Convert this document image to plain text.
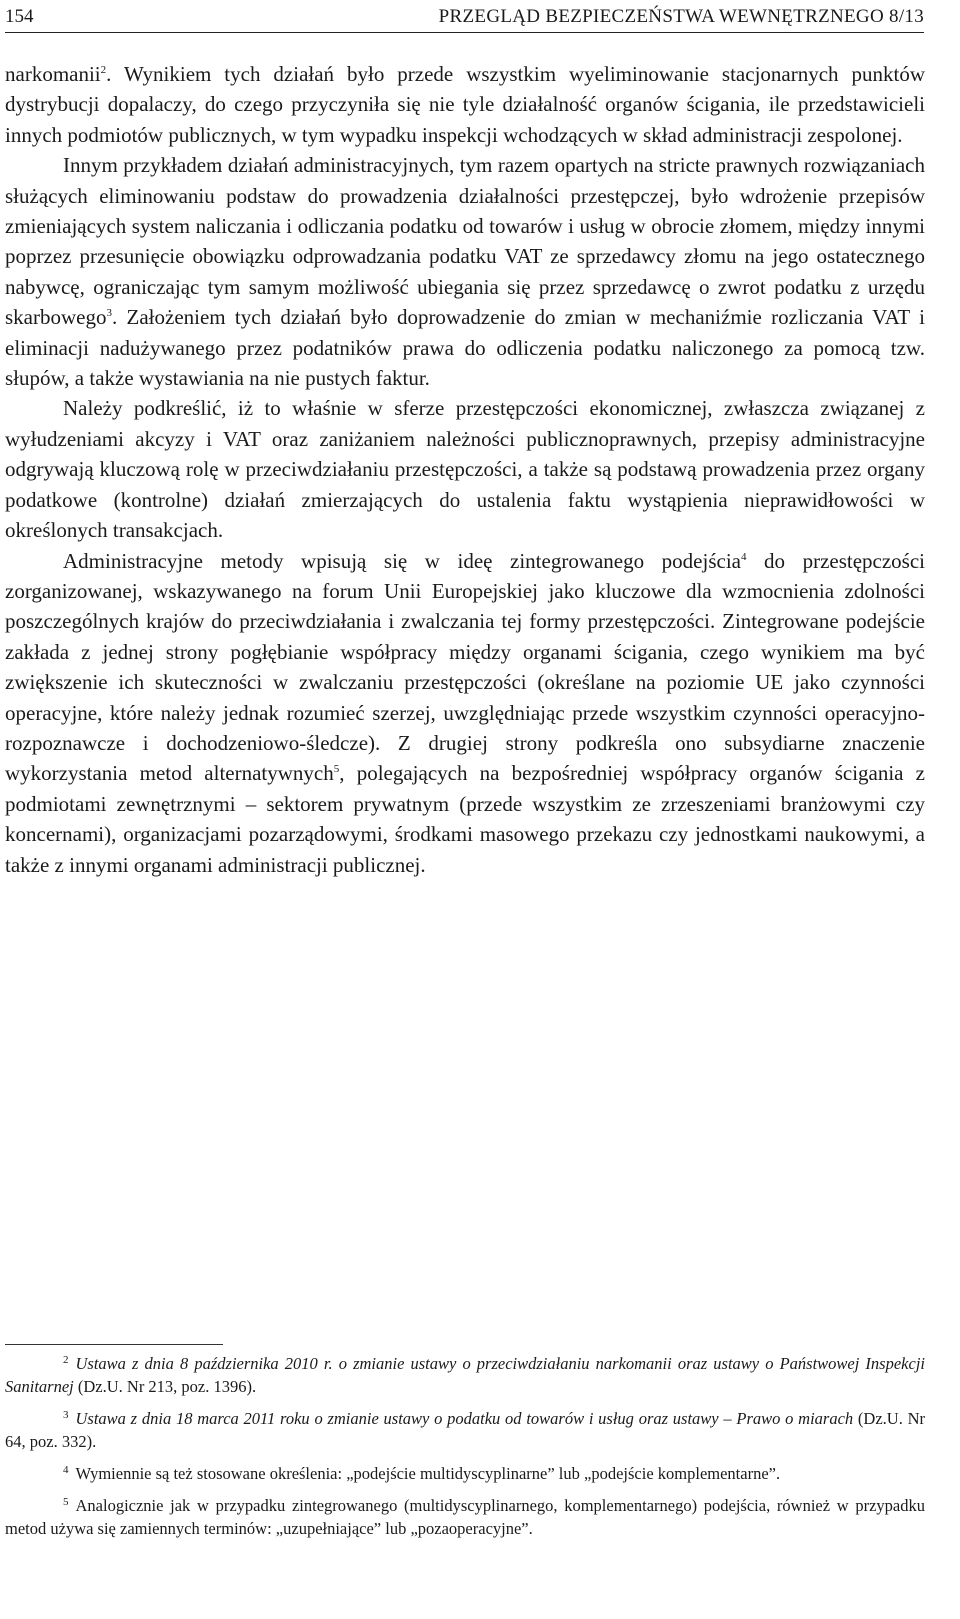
154	PRZEGLĄD BEZPIECZEŃSTWA WEWNĘTRZNEGO 8/13

narkomanii$^2$. Wynikiem tych działań było przede wszystkim wyeliminowanie stacjonarnych punktów dystrybucji dopalaczy, do czego przyczyniła się nie tyle działalność organów ścigania, ile przedstawicieli innych podmiotów publicznych, w tym wypadku inspekcji wchodzących w skład administracji zespolonej.

Innym przykładem działań administracyjnych, tym razem opartych na stricte prawnych rozwiązaniach służących eliminowaniu podstaw do prowadzenia działalności przestępczej, było wdrożenie przepisów zmieniających system naliczania i odliczania podatku od towarów i usług w obrocie złomem, między innymi poprzez przesunięcie obowiązku odprowadzania podatku VAT ze sprzedawcy złomu na jego ostatecznego nabywcę, ograniczając tym samym możliwość ubiegania się przez sprzedawcę o zwrot podatku z urzędu skarbowego$^3$. Założeniem tych działań było doprowadzenie do zmian w mechaniźmie rozliczania VAT i eliminacji nadużywanego przez podatników prawa do odliczenia podatku naliczonego za pomocą tzw. słupów, a także wystawiania na nie pustych faktur.

Należy podkreślić, iż to właśnie w sferze przestępczości ekonomicznej, zwłaszcza związanej z wyłudzeniami akcyzy i VAT oraz zaniżaniem należności publicznoprawnych, przepisy administracyjne odgrywają kluczową rolę w przeciwdziałaniu przestępczości, a także są podstawą prowadzenia przez organy podatkowe (kontrolne) działań zmierzających do ustalenia faktu wystąpienia nieprawidłowości w określonych transakcjach.

Administracyjne metody wpisują się w ideę zintegrowanego podejścia$^4$ do przestępczości zorganizowanej, wskazywanego na forum Unii Europejskiej jako kluczowe dla wzmocnienia zdolności poszczególnych krajów do przeciwdziałania i zwalczania tej formy przestępczości. Zintegrowane podejście zakłada z jednej strony pogłębianie współpracy między organami ścigania, czego wynikiem ma być zwiększenie ich skuteczności w zwalczaniu przestępczości (określane na poziomie UE jako czynności operacyjne, które należy jednak rozumieć szerzej, uwzględniając przede wszystkim czynności operacyjno-rozpoznawcze i dochodzeniowo-śledcze). Z drugiej strony podkreśla ono subsydiarne znaczenie wykorzystania metod alternatywnych$^5$, polegających na bezpośredniej współpracy organów ścigania z podmiotami zewnętrznymi – sektorem prywatnym (przede wszystkim ze zrzeszeniami branżowymi czy koncernami), organizacjami pozarządowymi, środkami masowego przekazu czy jednostkami naukowymi, a także z innymi organami administracji publicznej.

$^2$ Ustawa z dnia 8 października 2010 r. o zmianie ustawy o przeciwdziałaniu narkomanii oraz ustawy o Państwowej Inspekcji Sanitarnej (Dz.U. Nr 213, poz. 1396).

$^3$ Ustawa z dnia 18 marca 2011 roku o zmianie ustawy o podatku od towarów i usług oraz ustawy – Prawo o miarach (Dz.U. Nr 64, poz. 332).

$^4$ Wymiennie są też stosowane określenia: „podejście multidyscyplinarne” lub „podejście komplementarne”.

$^5$ Analogicznie jak w przypadku zintegrowanego (multidyscyplinarnego, komplementarnego) podejścia, również w przypadku metod używa się zamiennych terminów: „uzupełniające” lub „pozaoperacyjne”.
